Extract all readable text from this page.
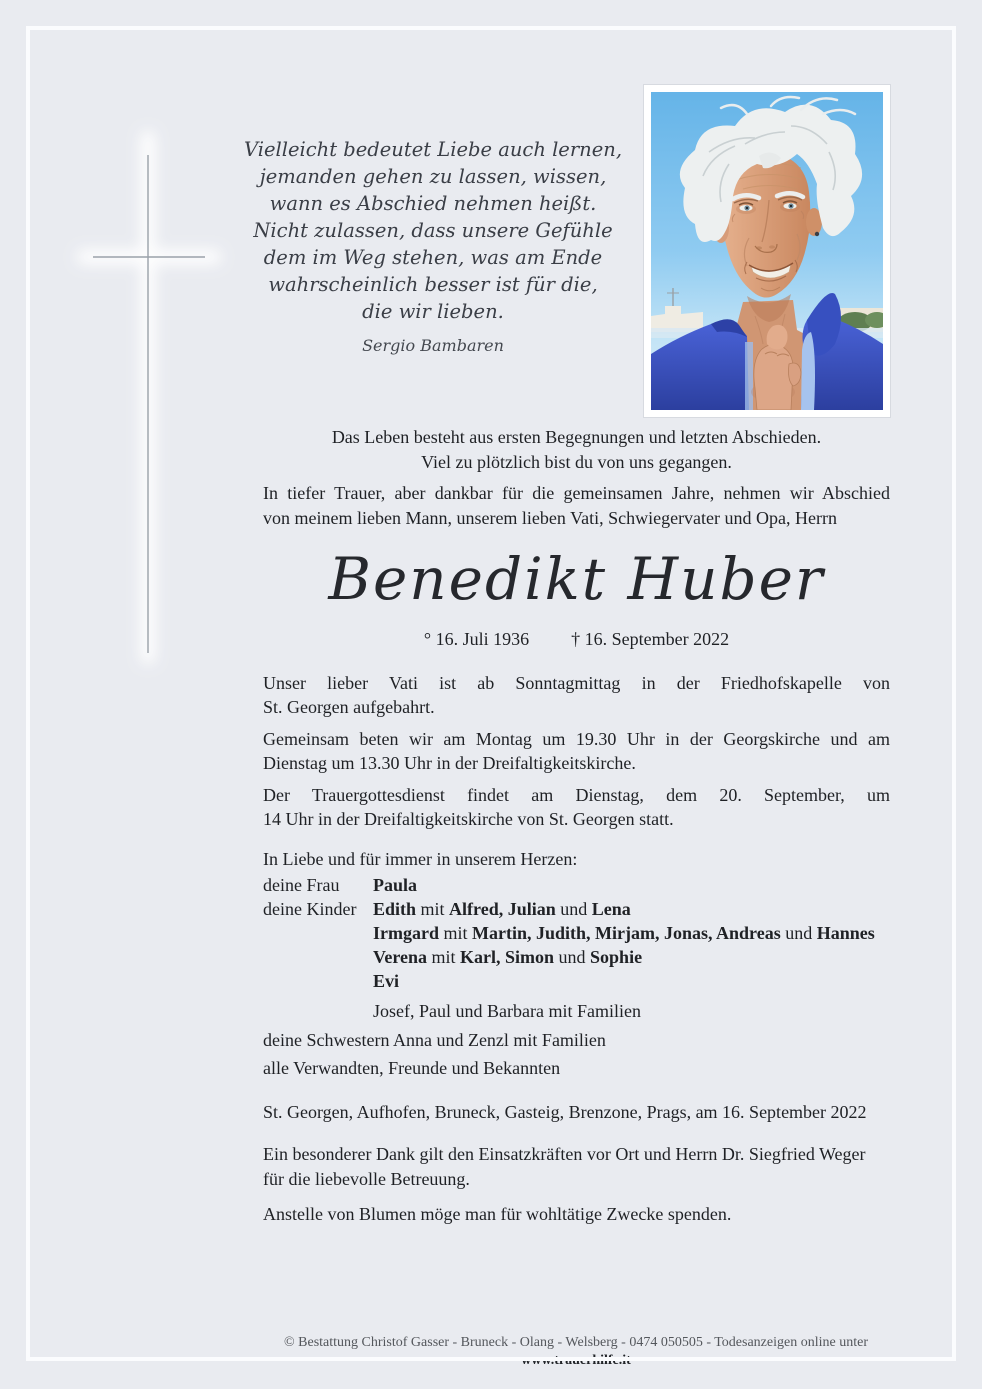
Vielleicht bedeutet Liebe auch lernen,
jemanden gehen zu lassen, wissen,
wann es Abschied nehmen heißt.
Nicht zulassen, dass unsere Gefühle
dem im Weg stehen, was am Ende
wahrscheinlich besser ist für die,
die wir lieben.
Sergio Bambaren
Das Leben besteht aus ersten Begegnungen und letzten Abschieden.
Viel zu plötzlich bist du von uns gegangen.
In tiefer Trauer, aber dankbar für die gemeinsamen Jahre, nehmen wir Abschied
von meinem lieben Mann, unserem lieben Vati, Schwiegervater und Opa, Herrn
Benedikt Huber
° 16. Juli 1936 † 16. September 2022
Unser lieber Vati ist ab Sonntagmittag in der Friedhofskapelle von
St. Georgen aufgebahrt.
Gemeinsam beten wir am Montag um 19.30 Uhr in der Georgskirche und am
Dienstag um 13.30 Uhr in der Dreifaltigkeitskirche.
Der Trauergottesdienst findet am Dienstag, dem 20. September, um
14 Uhr in der Dreifaltigkeitskirche von St. Georgen statt.
In Liebe und für immer in unserem Herzen:
deine Frau	Paula
deine Kinder Edith mit Alfred, Julian und Lena
Irmgard mit Martin, Judith, Mirjam, Jonas, Andreas und Hannes
Verena mit Karl, Simon und Sophie
Evi
Josef, Paul und Barbara mit Familien
deine Schwestern Anna und Zenzl mit Familien
alle Verwandten, Freunde und Bekannten
St. Georgen, Aufhofen, Bruneck, Gasteig, Brenzone, Prags, am 16. September 2022
Ein besonderer Dank gilt den Einsatzkräften vor Ort und Herrn Dr. Siegfried Weger
für die liebevolle Betreuung.
Anstelle von Blumen möge man für wohltätige Zwecke spenden.
© Bestattung Christof Gasser - Bruneck - Olang - Welsberg - 0474 050505 - Todesanzeigen online unter www.trauerhilfe.it
